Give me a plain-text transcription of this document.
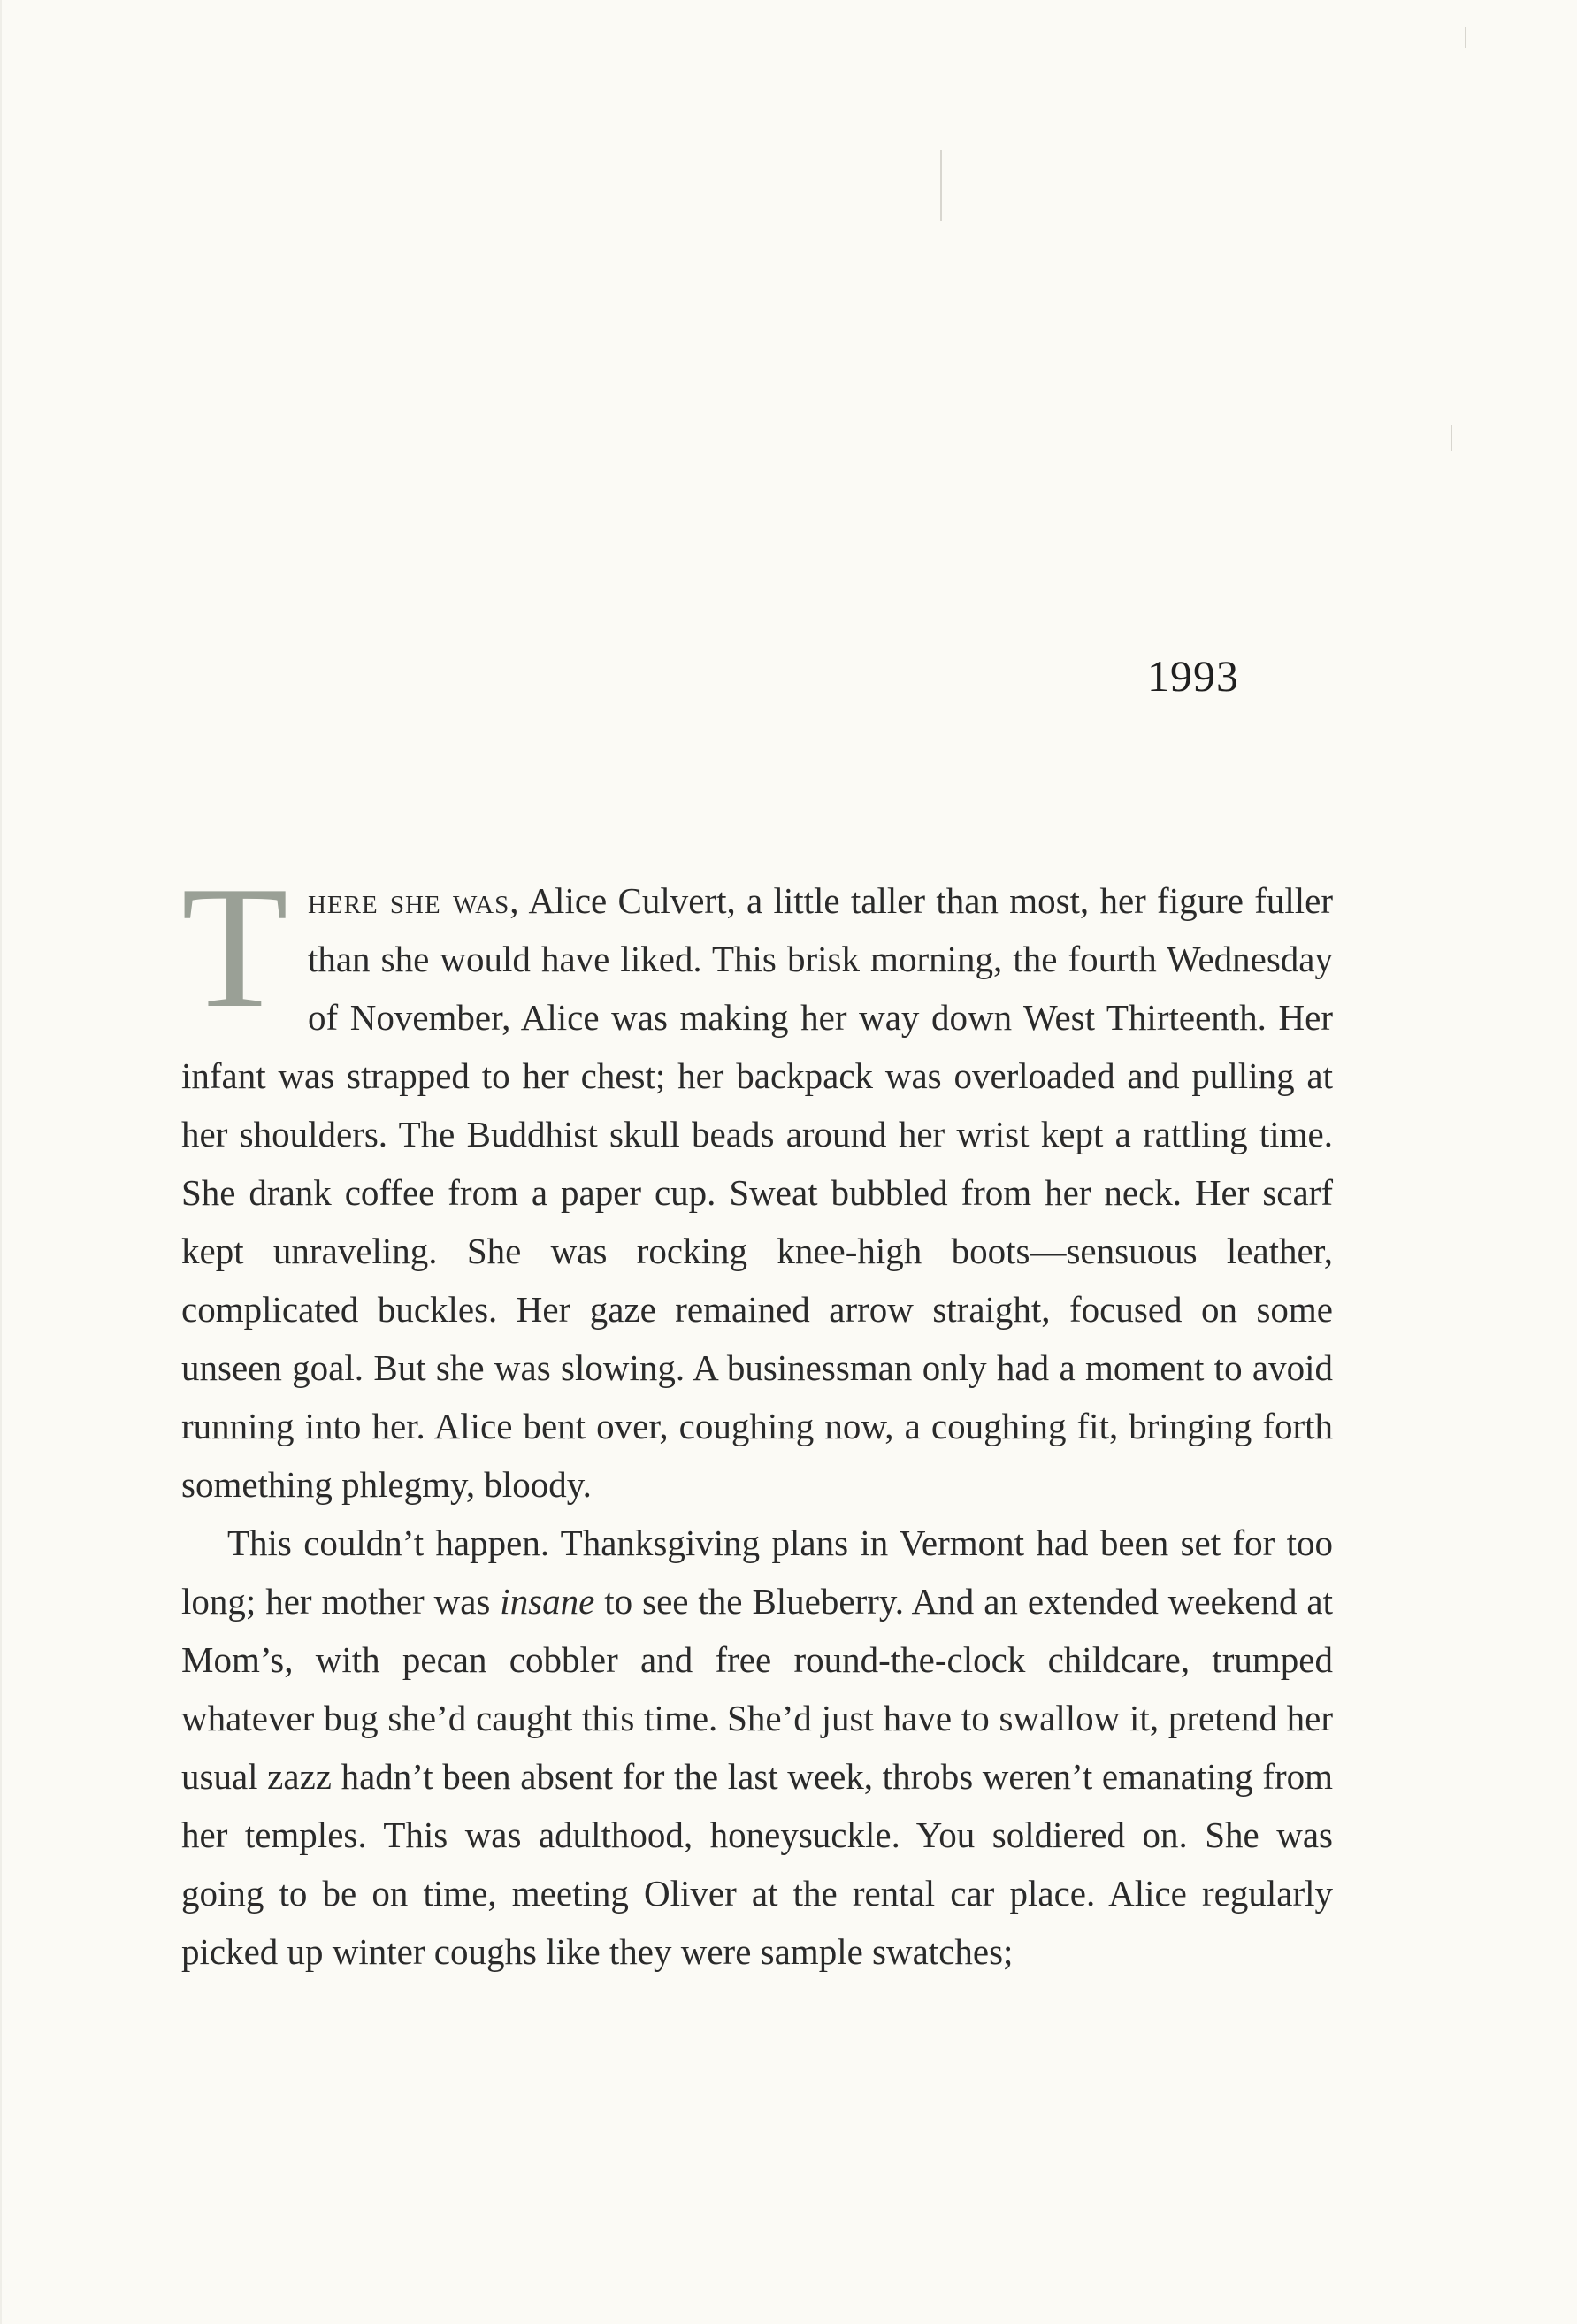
1993

There she was, Alice Culvert, a little taller than most, her figure fuller than she would have liked. This brisk morning, the fourth Wednesday of November, Alice was making her way down West Thirteenth. Her infant was strapped to her chest; her backpack was overloaded and pulling at her shoulders. The Buddhist skull beads around her wrist kept a rattling time. She drank coffee from a paper cup. Sweat bubbled from her neck. Her scarf kept unraveling. She was rocking knee-high boots—sensuous leather, complicated buckles. Her gaze remained arrow straight, focused on some unseen goal. But she was slowing. A businessman only had a moment to avoid running into her. Alice bent over, coughing now, a coughing fit, bringing forth something phlegmy, bloody.

This couldn’t happen. Thanksgiving plans in Vermont had been set for too long; her mother was insane to see the Blueberry. And an extended weekend at Mom’s, with pecan cobbler and free round-the-clock childcare, trumped whatever bug she’d caught this time. She’d just have to swallow it, pretend her usual zazz hadn’t been absent for the last week, throbs weren’t emanating from her temples. This was adulthood, honeysuckle. You soldiered on. She was going to be on time, meeting Oliver at the rental car place. Alice regularly picked up winter coughs like they were sample swatches;
